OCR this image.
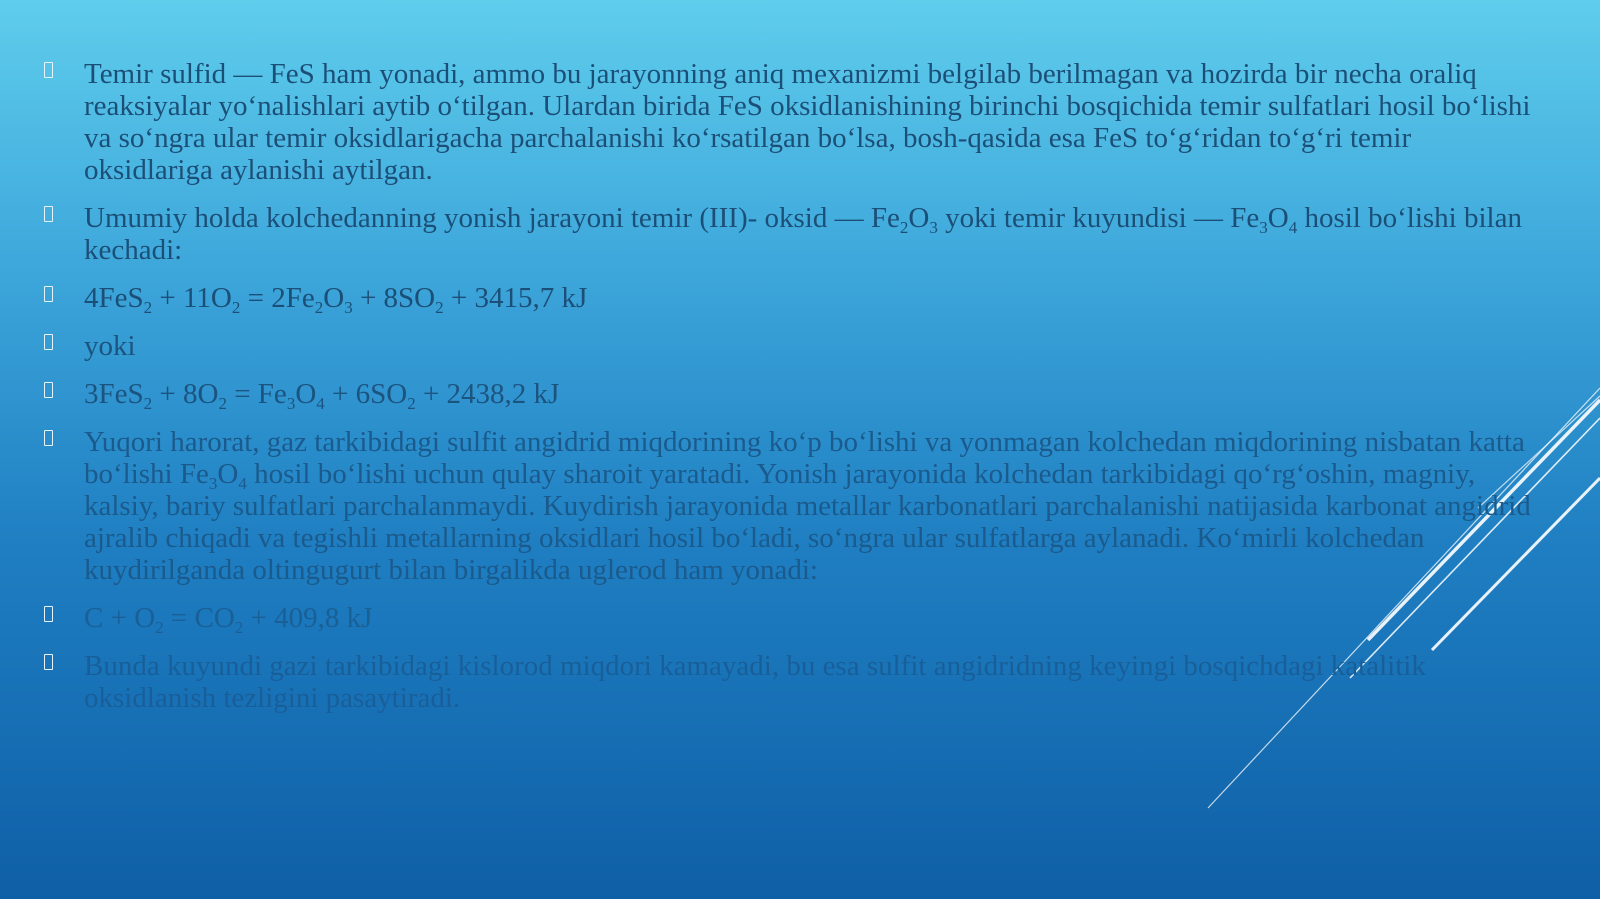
Temir sulfid — FeS ham yonadi, ammo bu jarayonning aniq mexanizmi belgilab berilmagan va hozirda bir necha oraliq reaksiyalar yo‘nalishlari aytib o‘tilgan. Ulardan birida FeS oksidlanishining birinchi bosqichida temir sulfatlari hosil bo‘lishi va so‘ngra ular temir oksidlarigacha parchalanishi ko‘rsatilgan bo‘lsa, bosh-qasida esa FeS to‘g‘ridan to‘g‘ri temir oksidlariga aylanishi aytilgan.
Umumiy holda kolchedanning yonish jarayoni temir (III)- oksid — $Fe_2O_3$ yoki temir kuyundisi — $Fe_3O_4$ hosil bo‘lishi bilan kechadi:
$4FeS_2 + 11O_2 = 2Fe_2O_3 + 8SO_2 + 3415,7$ kJ
yoki
$3FeS_2 + 8O_2 = Fe_3O_4 + 6SO_2 + 2438,2$ kJ
Yuqori harorat, gaz tarkibidagi sulfit angidrid miqdorining ko‘p bo‘lishi va yonmagan kolchedan miqdorining nisbatan katta bo‘lishi $Fe_3O_4$ hosil bo‘lishi uchun qulay sharoit yaratadi. Yonish jarayonida kolchedan tarkibidagi qo‘rg‘oshin, magniy, kalsiy, bariy sulfatlari parchalanmaydi. Kuydirish jarayonida metallar karbonatlari parchalanishi natijasida karbonat angidrid ajralib chiqadi va tegishli metallarning oksidlari hosil bo‘ladi, so‘ngra ular sulfatlarga aylanadi. Ko‘mirli kolchedan kuydirilganda oltingugurt bilan birgalikda uglerod ham yonadi:
$C + O_2 = CO_2 + 409,8$ kJ
Bunda kuyundi gazi tarkibidagi kislorod miqdori kamayadi, bu esa sulfit angidridning keyingi bosqichdagi katalitik oksidlanish tezligini pasaytiradi.
